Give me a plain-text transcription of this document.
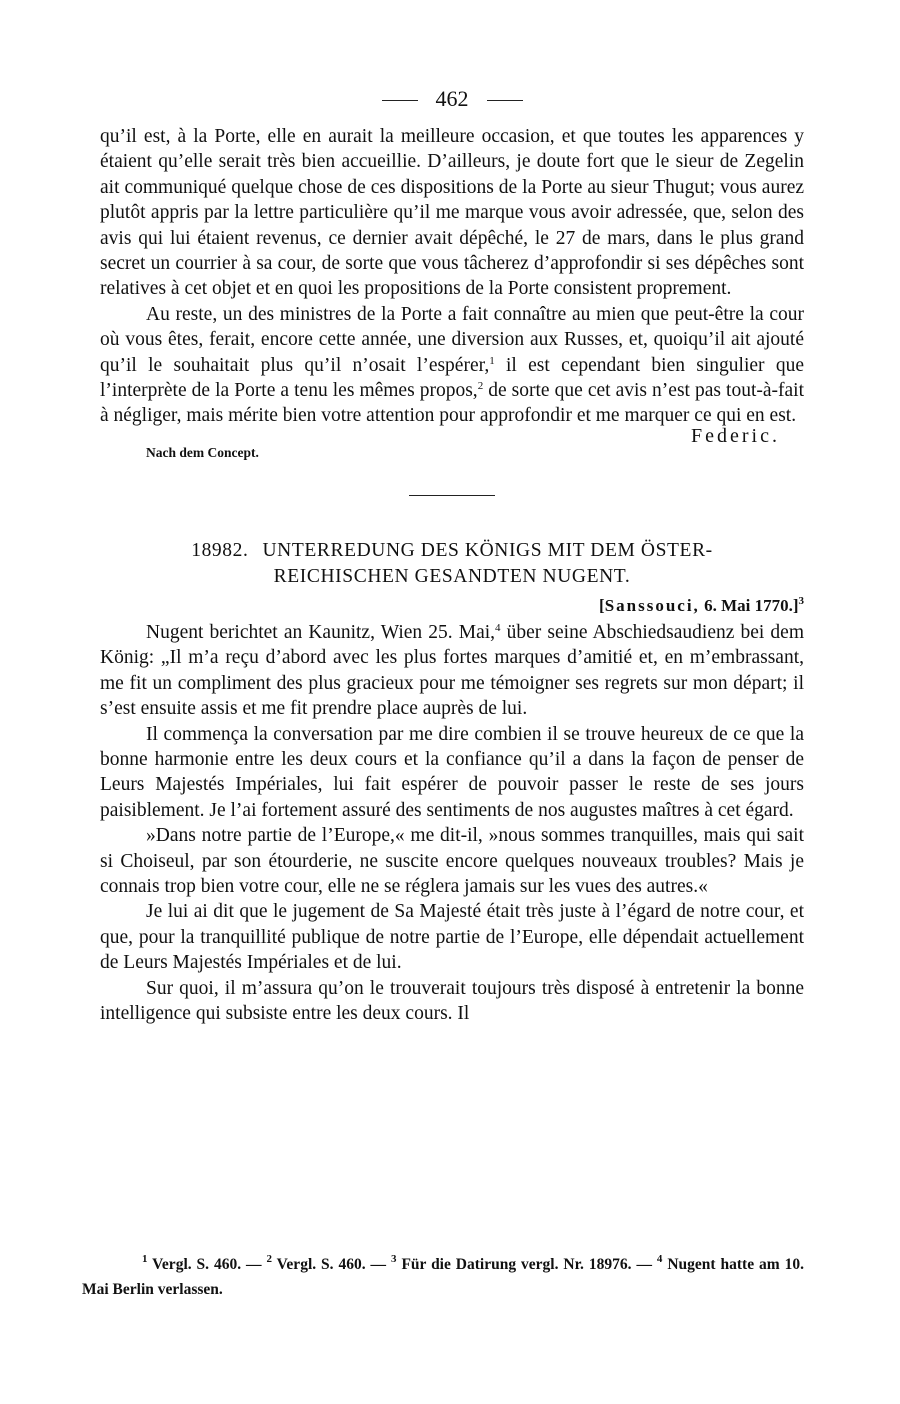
462

qu’il est, à la Porte, elle en aurait la meilleure occasion, et que toutes les apparences y étaient qu’elle serait très bien accueillie. D’ailleurs, je doute fort que le sieur de Zegelin ait communiqué quelque chose de ces dispositions de la Porte au sieur Thugut; vous aurez plutôt appris par la lettre particulière qu’il me marque vous avoir adressée, que, selon des avis qui lui étaient revenus, ce dernier avait dépêché, le 27 de mars, dans le plus grand secret un courrier à sa cour, de sorte que vous tâcherez d’approfondir si ses dépêches sont relatives à cet objet et en quoi les propositions de la Porte consistent proprement.

Au reste, un des ministres de la Porte a fait connaître au mien que peut-être la cour où vous êtes, ferait, encore cette année, une diversion aux Russes, et, quoiqu’il ait ajouté qu’il le souhaitait plus qu’il n’osait l’espérer,$^1$ il est cependant bien singulier que l’interprète de la Porte a tenu les mêmes propos,$^2$ de sorte que cet avis n’est pas tout-à-fait à négliger, mais mérite bien votre attention pour approfondir et me marquer ce qui en est.

Nach dem Concept.
Federic.
18982. UNTERREDUNG DES KÖNIGS MIT DEM ÖSTER-
REICHISCHEN GESANDTEN NUGENT.
[Sanssouci, 6. Mai 1770.]$^3$

Nugent berichtet an Kaunitz, Wien 25. Mai,$^4$ über seine Abschiedsaudienz bei dem König: „Il m’a reçu d’abord avec les plus fortes marques d’amitié et, en m’embrassant, me fit un compliment des plus gracieux pour me témoigner ses regrets sur mon départ; il s’est ensuite assis et me fit prendre place auprès de lui.

Il commença la conversation par me dire combien il se trouve heureux de ce que la bonne harmonie entre les deux cours et la confiance qu’il a dans la façon de penser de Leurs Majestés Impériales, lui fait espérer de pouvoir passer le reste de ses jours paisiblement. Je l’ai fortement assuré des sentiments de nos augustes maîtres à cet égard.

»Dans notre partie de l’Europe,« me dit-il, »nous sommes tranquilles, mais qui sait si Choiseul, par son étourderie, ne suscite encore quelques nouveaux troubles? Mais je connais trop bien votre cour, elle ne se réglera jamais sur les vues des autres.«

Je lui ai dit que le jugement de Sa Majesté était très juste à l’égard de notre cour, et que, pour la tranquillité publique de notre partie de l’Europe, elle dépendait actuellement de Leurs Majestés Impériales et de lui.

Sur quoi, il m’assura qu’on le trouverait toujours très disposé à entretenir la bonne intelligence qui subsiste entre les deux cours. Il

$^1$ Vergl. S. 460. — $^2$ Vergl. S. 460. — $^3$ Für die Datirung vergl. Nr. 18976. — $^4$ Nugent hatte am 10. Mai Berlin verlassen.
